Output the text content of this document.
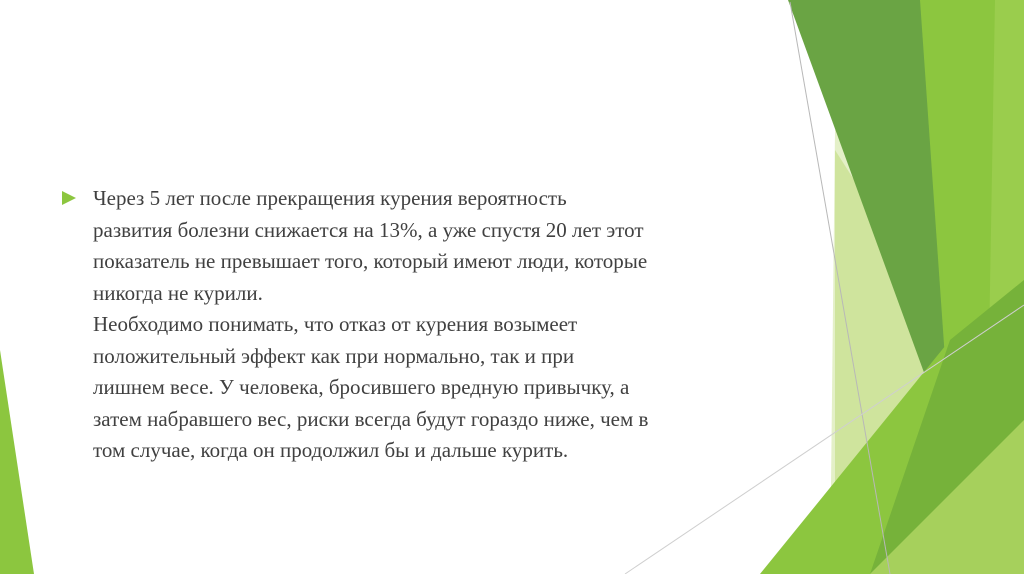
Через 5 лет после прекращения курения вероятность
развития болезни снижается на 13%, а уже спустя 20 лет этот
показатель не превышает того, который имеют люди, которые
никогда не курили.
Необходимо понимать, что отказ от курения возымеет
положительный эффект как при нормально, так и при
лишнем весе. У человека, бросившего вредную привычку, а
затем набравшего вес, риски всегда будут гораздо ниже, чем в
том случае, когда он продолжил бы и дальше курить.
